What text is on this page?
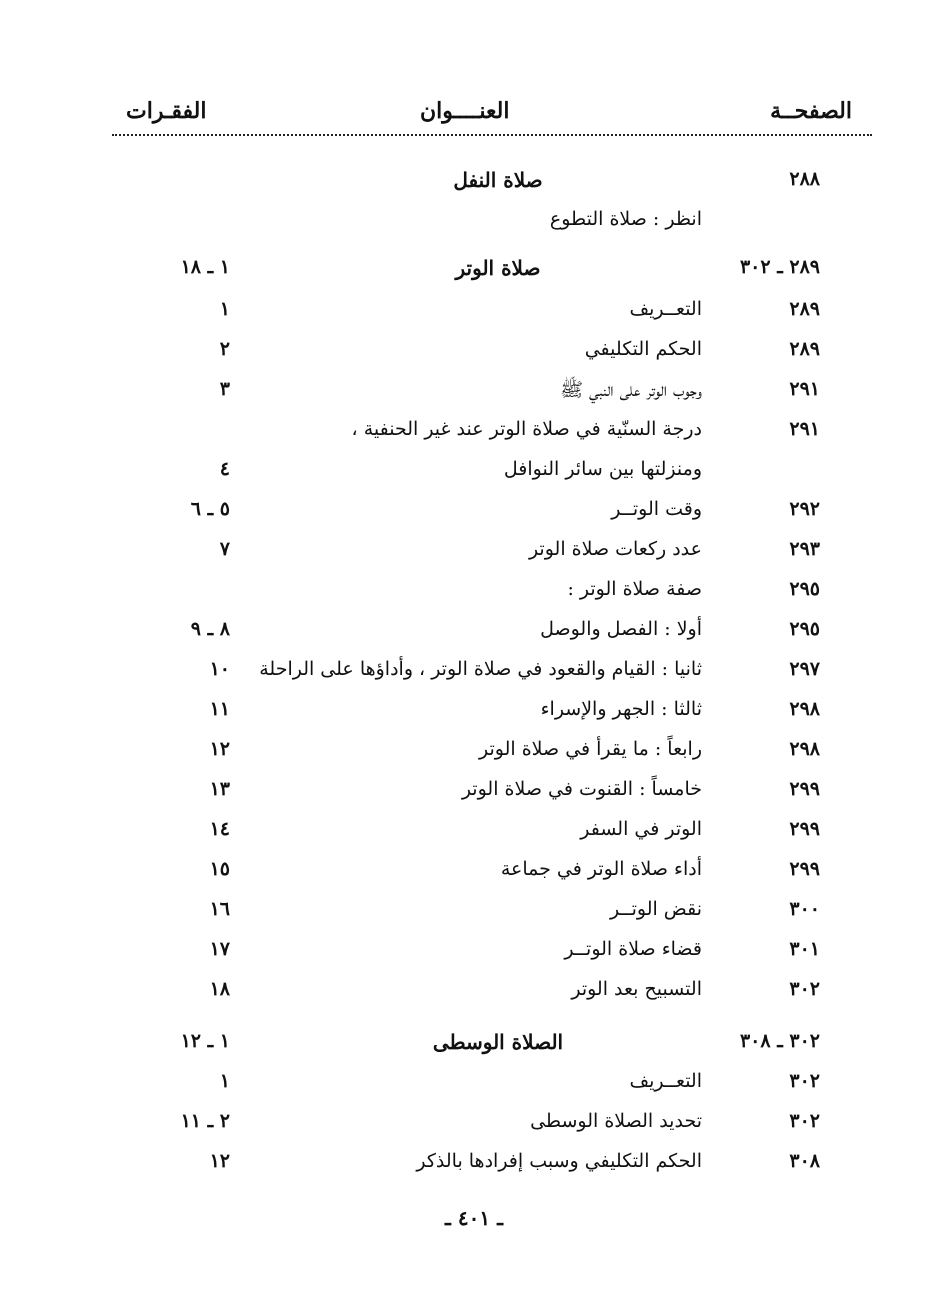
الصفحــة
العنــــوان
الفقـرات
٢٨٨
صلاة النفل
انظر : صلاة التطوع
٢٨٩ ـ ٣٠٢
صلاة الوتر
١ ـ ١٨
٢٨٩
التعــريف
١
٢٨٩
الحكم التكليفي
٢
٢٩١
وجوب الوتر على النبي ﷺ
٣
٢٩١
درجة السنّية في صلاة الوتر عند غير الحنفية ،
ومنزلتها بين سائر النوافل
٤
٢٩٢
وقت الوتــر
٥ ـ ٦
٢٩٣
عدد ركعات صلاة الوتر
٧
٢٩٥
صفة صلاة الوتر :
٢٩٥
أولا : الفصل والوصل
٨ ـ ٩
٢٩٧
ثانيا : القيام والقعود في صلاة الوتر ، وأداؤها على الراحلة
١٠
٢٩٨
ثالثا : الجهر والإسراء
١١
٢٩٨
رابعاً : ما يقرأ في صلاة الوتر
١٢
٢٩٩
خامساً : القنوت في صلاة الوتر
١٣
٢٩٩
الوتر في السفر
١٤
٢٩٩
أداء صلاة الوتر في جماعة
١٥
٣٠٠
نقض الوتــر
١٦
٣٠١
قضاء صلاة الوتــر
١٧
٣٠٢
التسبيح بعد الوتر
١٨
٣٠٢ ـ ٣٠٨
الصلاة الوسطى
١ ـ ١٢
٣٠٢
التعــريف
١
٣٠٢
تحديد الصلاة الوسطى
٢ ـ ١١
٣٠٨
الحكم التكليفي وسبب إفرادها بالذكر
١٢
ـ ٤٠١ ـ
